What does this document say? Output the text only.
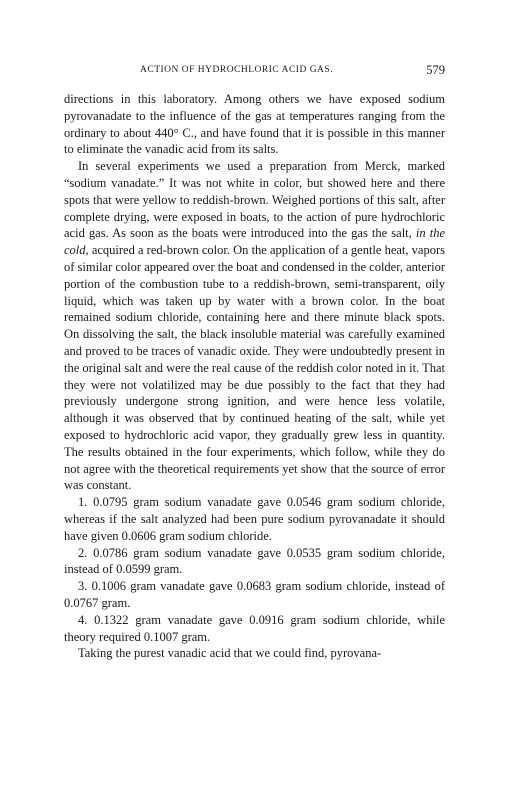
ACTION OF HYDROCHLORIC ACID GAS.	579

directions in this laboratory. Among others we have exposed sodium pyrovanadate to the influence of the gas at temperatures ranging from the ordinary to about 440° C., and have found that it is possible in this manner to eliminate the vanadic acid from its salts.

In several experiments we used a preparation from Merck, marked “sodium vanadate.” It was not white in color, but showed here and there spots that were yellow to reddish-brown. Weighed portions of this salt, after complete drying, were exposed in boats, to the action of pure hydrochloric acid gas. As soon as the boats were introduced into the gas the salt, in the cold, acquired a red-brown color. On the application of a gentle heat, vapors of similar color appeared over the boat and condensed in the colder, anterior portion of the combustion tube to a reddish-brown, semi-transparent, oily liquid, which was taken up by water with a brown color. In the boat remained sodium chloride, containing here and there minute black spots. On dissolving the salt, the black insoluble material was carefully examined and proved to be traces of vanadic oxide. They were undoubtedly present in the original salt and were the real cause of the reddish color noted in it. That they were not volatilized may be due possibly to the fact that they had previously undergone strong ignition, and were hence less volatile, although it was observed that by continued heating of the salt, while yet exposed to hydrochloric acid vapor, they gradually grew less in quantity. The results obtained in the four experiments, which follow, while they do not agree with the theoretical requirements yet show that the source of error was constant.

1. 0.0795 gram sodium vanadate gave 0.0546 gram sodium chloride, whereas if the salt analyzed had been pure sodium pyrovanadate it should have given 0.0606 gram sodium chloride.

2. 0.0786 gram sodium vanadate gave 0.0535 gram sodium chloride, instead of 0.0599 gram.

3. 0.1006 gram vanadate gave 0.0683 gram sodium chloride, instead of 0.0767 gram.

4. 0.1322 gram vanadate gave 0.0916 gram sodium chloride, while theory required 0.1007 gram.

Taking the purest vanadic acid that we could find, pyrovana-
